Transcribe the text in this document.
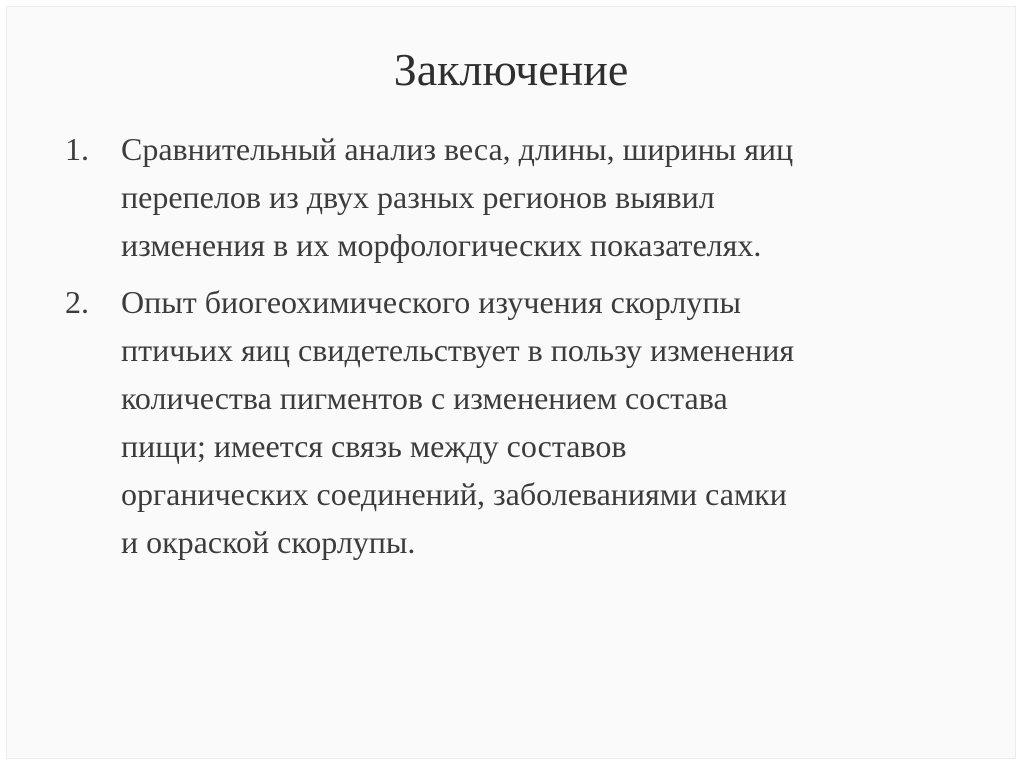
Заключение
1. Сравнительный анализ веса, длины, ширины яиц
перепелов из двух разных регионов выявил
изменения в их морфологических показателях.
2. Опыт биогеохимического изучения скорлупы
птичьих яиц свидетельствует в пользу изменения
количества пигментов с изменением состава
пищи; имеется связь между составов
органических соединений, заболеваниями самки
и окраской скорлупы.
